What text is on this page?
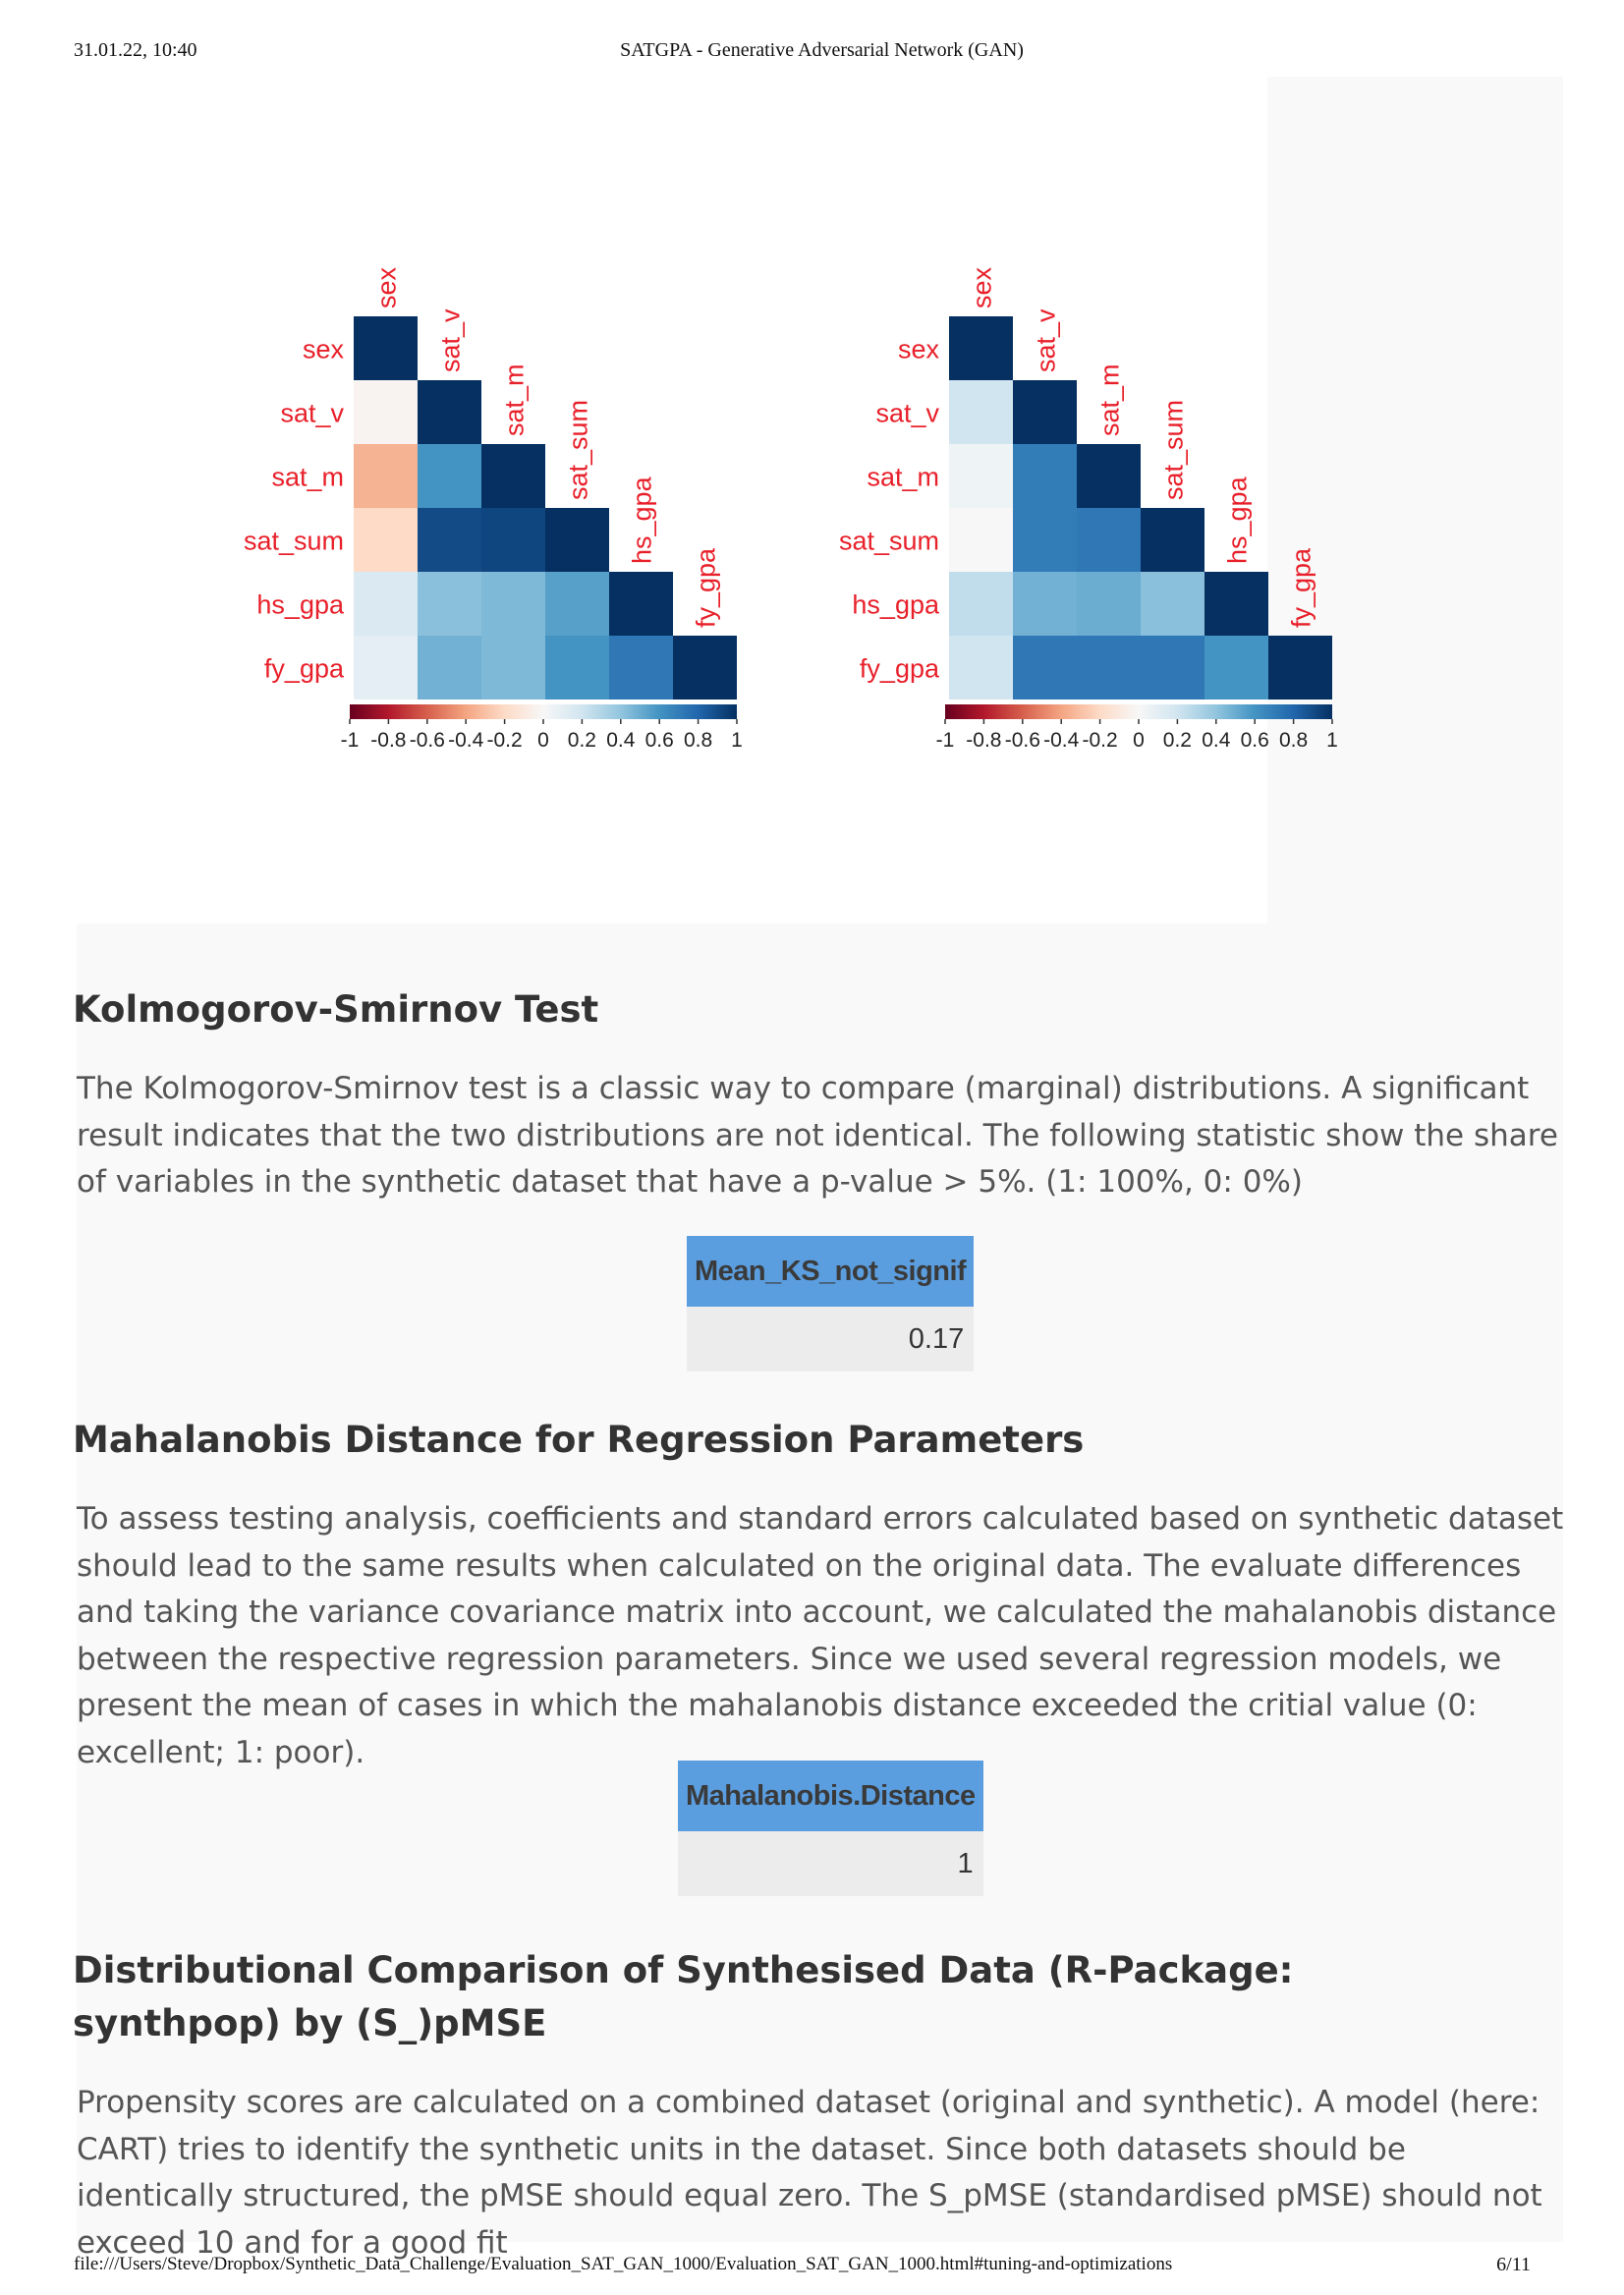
31.01.22, 10:40	SATGPA - Generative Adversarial Network (GAN)
sex
sex
sat_v
sat_v
sat_m
sat_m
sat_sum
sat_sum
hs_gpa
hs_gpa
fy_gpa
fy_gpa
-1 -0.8 -0.6 -0.4 -0.2 0 0.2 0.4 0.6 0.8 1
sex
sex
sat_v
sat_v
sat_m
sat_m
sat_sum
sat_sum
hs_gpa
hs_gpa
fy_gpa
fy_gpa
-1 -0.8 -0.6 -0.4 -0.2 0 0.2 0.4 0.6 0.8 1
Kolmogorov-Smirnov Test

The Kolmogorov-Smirnov test is a classic way to compare (marginal) distributions. A significant result indicates that the two distributions are not identical. The following statistic show the share of variables in the synthetic dataset that have a p-value > 5%. (1: 100%, 0: 0%)

Mean_KS_not_signif
0.17
Mahalanobis Distance for Regression Parameters

To assess testing analysis, coefficients and standard errors calculated based on synthetic dataset should lead to the same results when calculated on the original data. The evaluate differences and taking the variance covariance matrix into account, we calculated the mahalanobis distance between the respective regression parameters. Since we used several regression models, we present the mean of cases in which the mahalanobis distance exceeded the critial value (0: excellent; 1: poor).

Mahalanobis.Distance
1
Distributional Comparison of Synthesised Data (R-Package: synthpop) by (S_)pMSE

Propensity scores are calculated on a combined dataset (original and synthetic). A model (here: CART) tries to identify the synthetic units in the dataset. Since both datasets should be identically structured, the pMSE should equal zero. The S_pMSE (standardised pMSE) should not exceed 10 and for a good fit

file:///Users/Steve/Dropbox/Synthetic_Data_Challenge/Evaluation_SAT_GAN_1000/Evaluation_SAT_GAN_1000.html#tuning-and-optimizations	6/11
